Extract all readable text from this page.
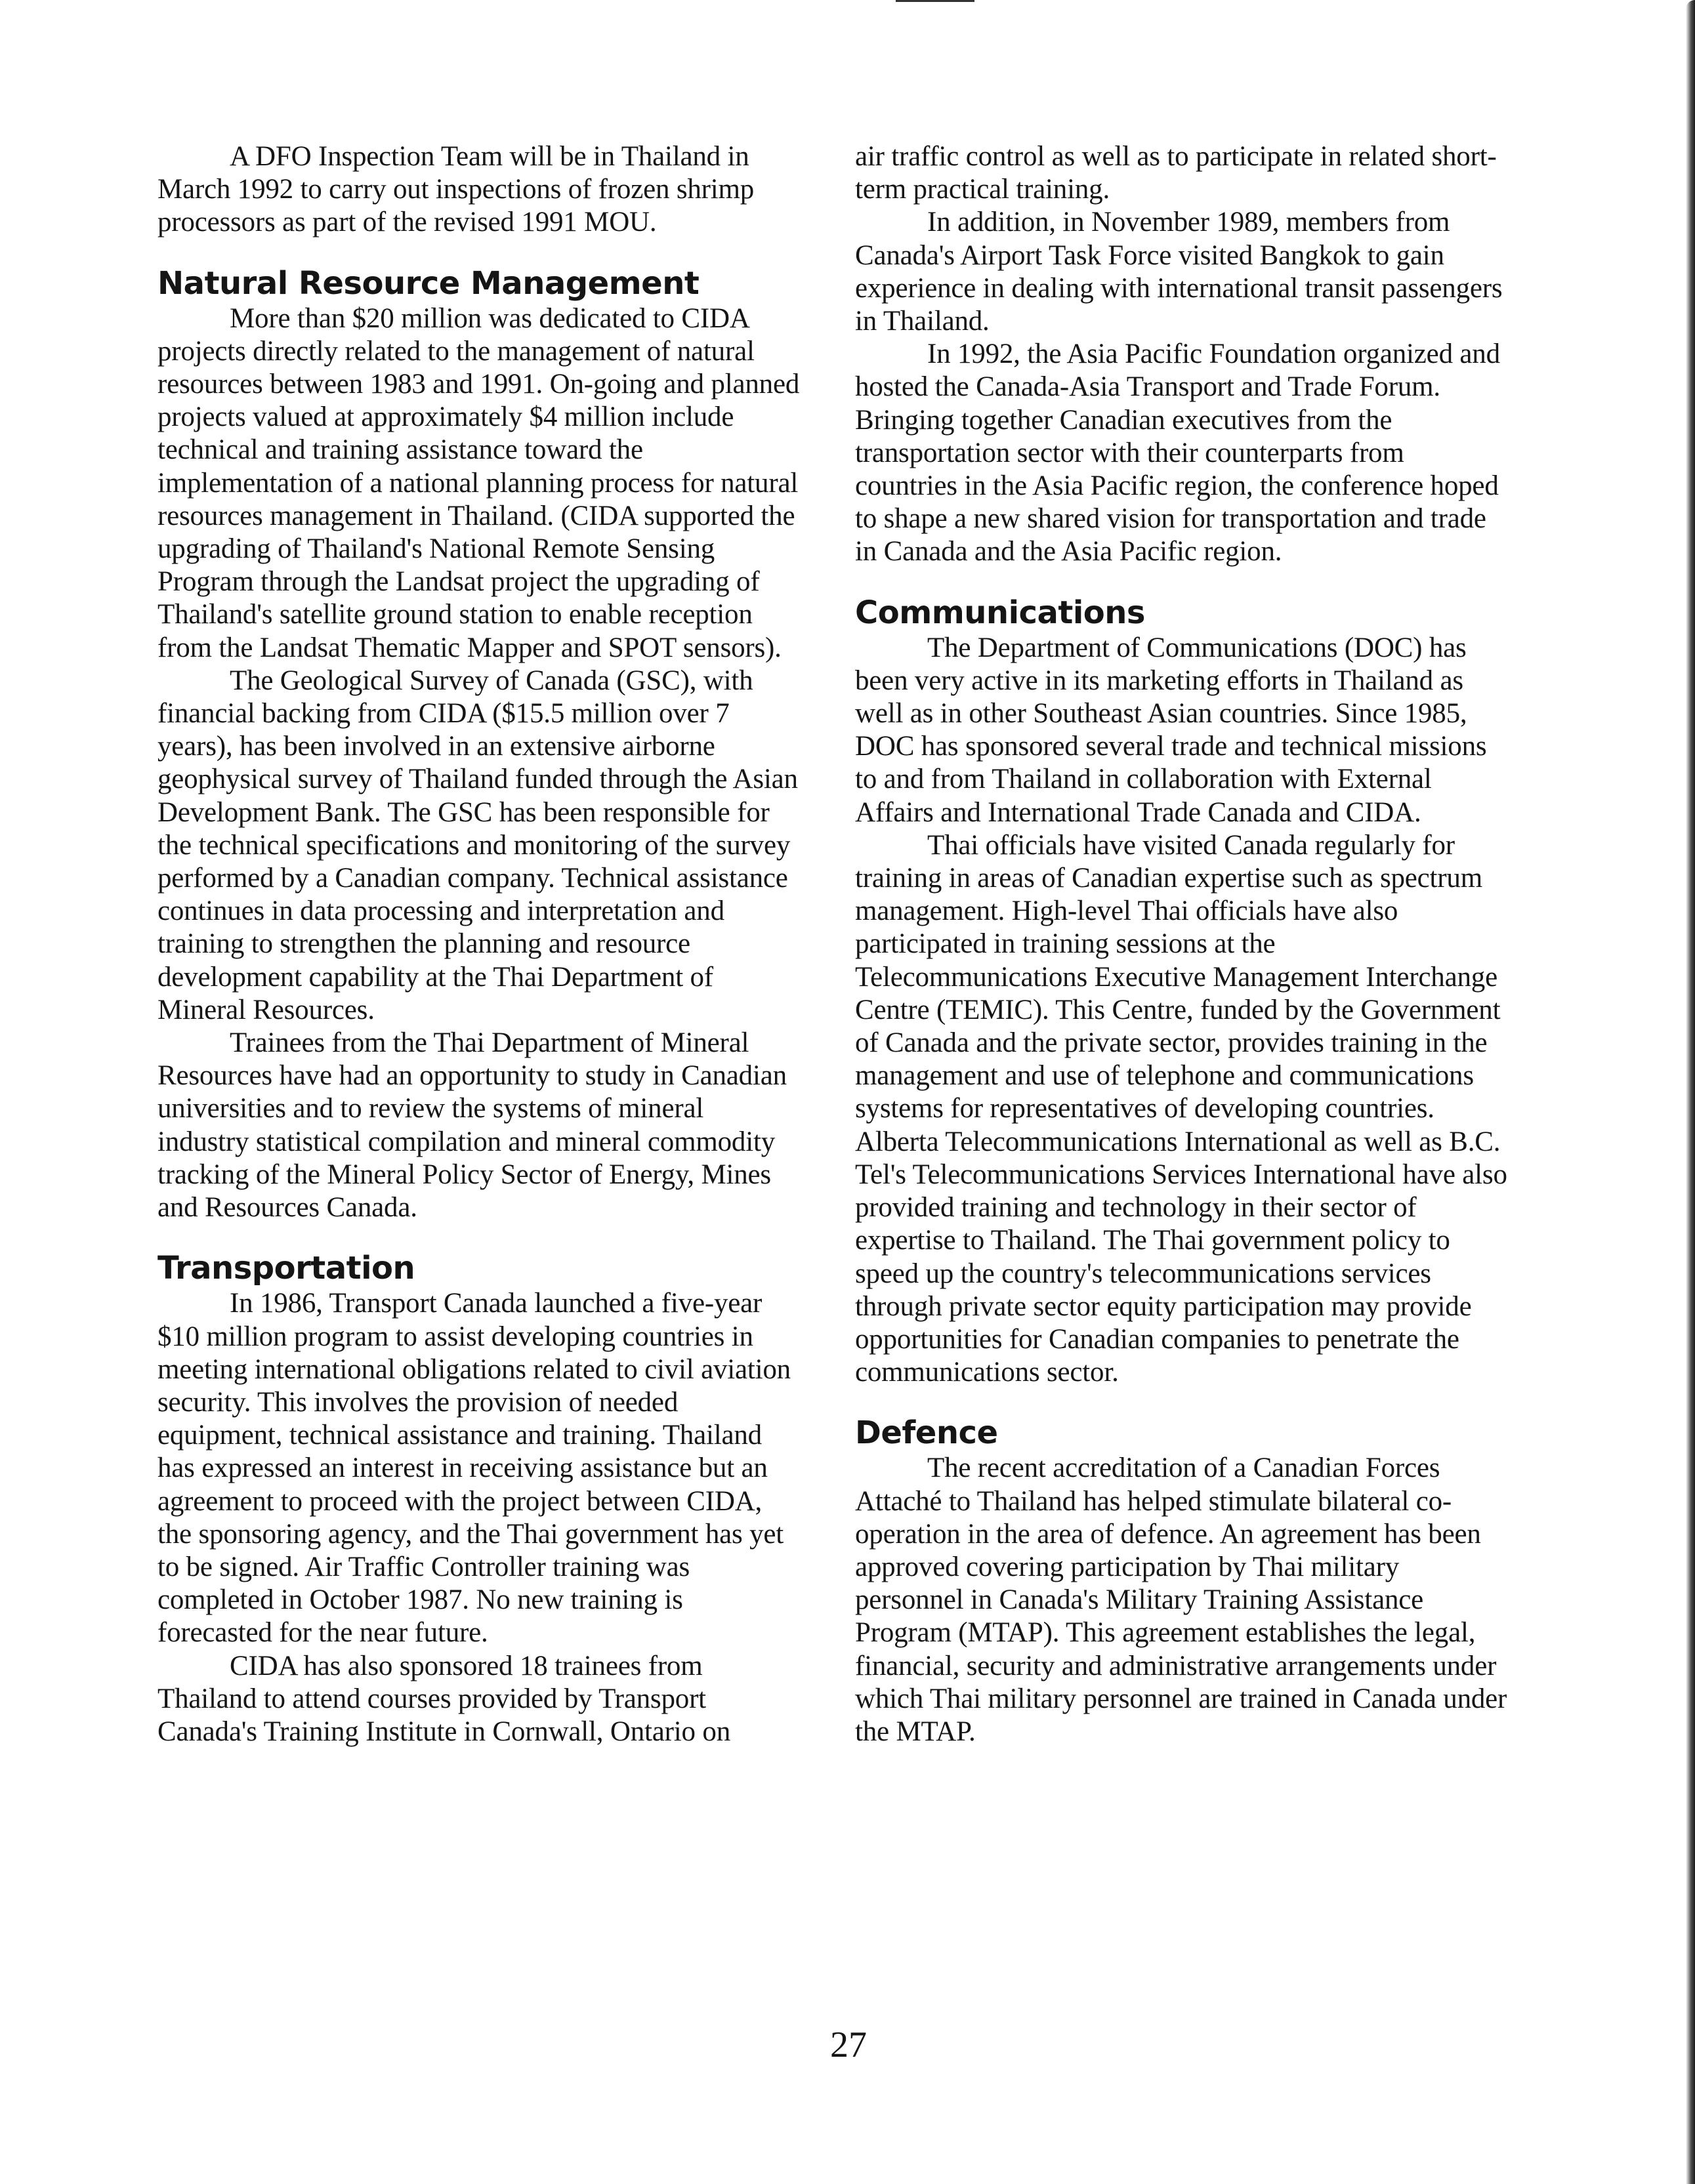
A DFO Inspection Team will be in Thailand in March 1992 to carry out inspections of frozen shrimp processors as part of the revised 1991 MOU.

Natural Resource Management

More than $20 million was dedicated to CIDA projects directly related to the management of natural resources between 1983 and 1991. On-going and planned projects valued at approximately $4 million include technical and training assistance toward the implementation of a national planning process for natural resources management in Thailand. (CIDA supported the upgrading of Thailand's National Remote Sensing Program through the Landsat project the upgrading of Thailand's satellite ground station to enable reception from the Landsat Thematic Mapper and SPOT sensors).

The Geological Survey of Canada (GSC), with financial backing from CIDA ($15.5 million over 7 years), has been involved in an extensive airborne geophysical survey of Thailand funded through the Asian Development Bank. The GSC has been responsible for the technical specifications and monitoring of the survey performed by a Canadian company. Technical assistance continues in data processing and interpretation and training to strengthen the planning and resource development capability at the Thai Department of Mineral Resources.

Trainees from the Thai Department of Mineral Resources have had an opportunity to study in Canadian universities and to review the systems of mineral industry statistical compilation and mineral commodity tracking of the Mineral Policy Sector of Energy, Mines and Resources Canada.

Transportation

In 1986, Transport Canada launched a five-year $10 million program to assist developing countries in meeting international obligations related to civil aviation security. This involves the provision of needed equipment, technical assistance and training. Thailand has expressed an interest in receiving assistance but an agreement to proceed with the project between CIDA, the sponsoring agency, and the Thai government has yet to be signed. Air Traffic Controller training was completed in October 1987. No new training is forecasted for the near future.

CIDA has also sponsored 18 trainees from Thailand to attend courses provided by Transport Canada's Training Institute in Cornwall, Ontario on

air traffic control as well as to participate in related short-term practical training.

In addition, in November 1989, members from Canada's Airport Task Force visited Bangkok to gain experience in dealing with international transit passengers in Thailand.

In 1992, the Asia Pacific Foundation organized and hosted the Canada-Asia Transport and Trade Forum. Bringing together Canadian executives from the transportation sector with their counterparts from countries in the Asia Pacific region, the conference hoped to shape a new shared vision for transportation and trade in Canada and the Asia Pacific region.

Communications

The Department of Communications (DOC) has been very active in its marketing efforts in Thailand as well as in other Southeast Asian countries. Since 1985, DOC has sponsored several trade and technical missions to and from Thailand in collaboration with External Affairs and International Trade Canada and CIDA.

Thai officials have visited Canada regularly for training in areas of Canadian expertise such as spectrum management. High-level Thai officials have also participated in training sessions at the Telecommunications Executive Management Interchange Centre (TEMIC). This Centre, funded by the Government of Canada and the private sector, provides training in the management and use of telephone and communications systems for representatives of developing countries. Alberta Telecommunications International as well as B.C. Tel's Telecommunications Services International have also provided training and technology in their sector of expertise to Thailand. The Thai government policy to speed up the country's telecommunications services through private sector equity participation may provide opportunities for Canadian companies to penetrate the communications sector.

Defence

The recent accreditation of a Canadian Forces Attaché to Thailand has helped stimulate bilateral co-operation in the area of defence. An agreement has been approved covering participation by Thai military personnel in Canada's Military Training Assistance Program (MTAP). This agreement establishes the legal, financial, security and administrative arrangements under which Thai military personnel are trained in Canada under the MTAP.

27
